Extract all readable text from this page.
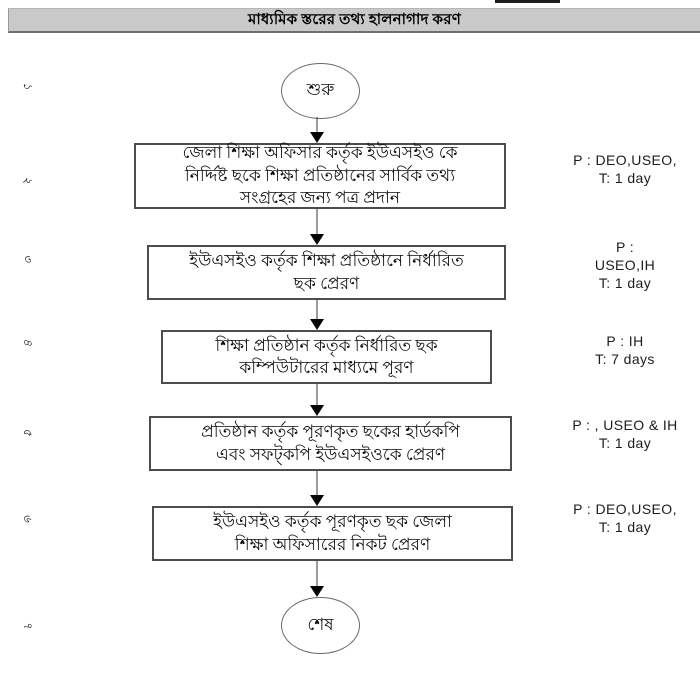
মাধ্যমিক স্তরের তথ্য হালনাগাদ করণ
১
২
৩
৪
৫
৬
৭
শুরু
জেলা শিক্ষা অফিসার কর্তৃক ইউএসইও কে
নির্দ্দিষ্ট ছকে শিক্ষা প্রতিষ্ঠানের সার্বিক তথ্য
সংগ্রহের জন্য পত্র প্রদান
P : DEO,USEO,
T: 1 day
ইউএসইও কর্তৃক শিক্ষা প্রতিষ্ঠানে নির্ধারিত
ছক প্রেরণ
P :
USEO,IH
T: 1 day
শিক্ষা প্রতিষ্ঠান কর্তৃক নির্ধারিত ছক
কম্পিউটারের মাধ্যমে পূরণ
P : IH
T: 7 days
প্রতিষ্ঠান কর্তৃক পূরণকৃত ছকের হার্ডকপি
এবং সফট্‌কপি ইউএসইওকে প্রেরণ
P : , USEO & IH
T: 1 day
ইউএসইও কর্তৃক পূরণকৃত ছক জেলা
শিক্ষা অফিসারের নিকট প্রেরণ
P : DEO,USEO,
T: 1 day
শেষ
